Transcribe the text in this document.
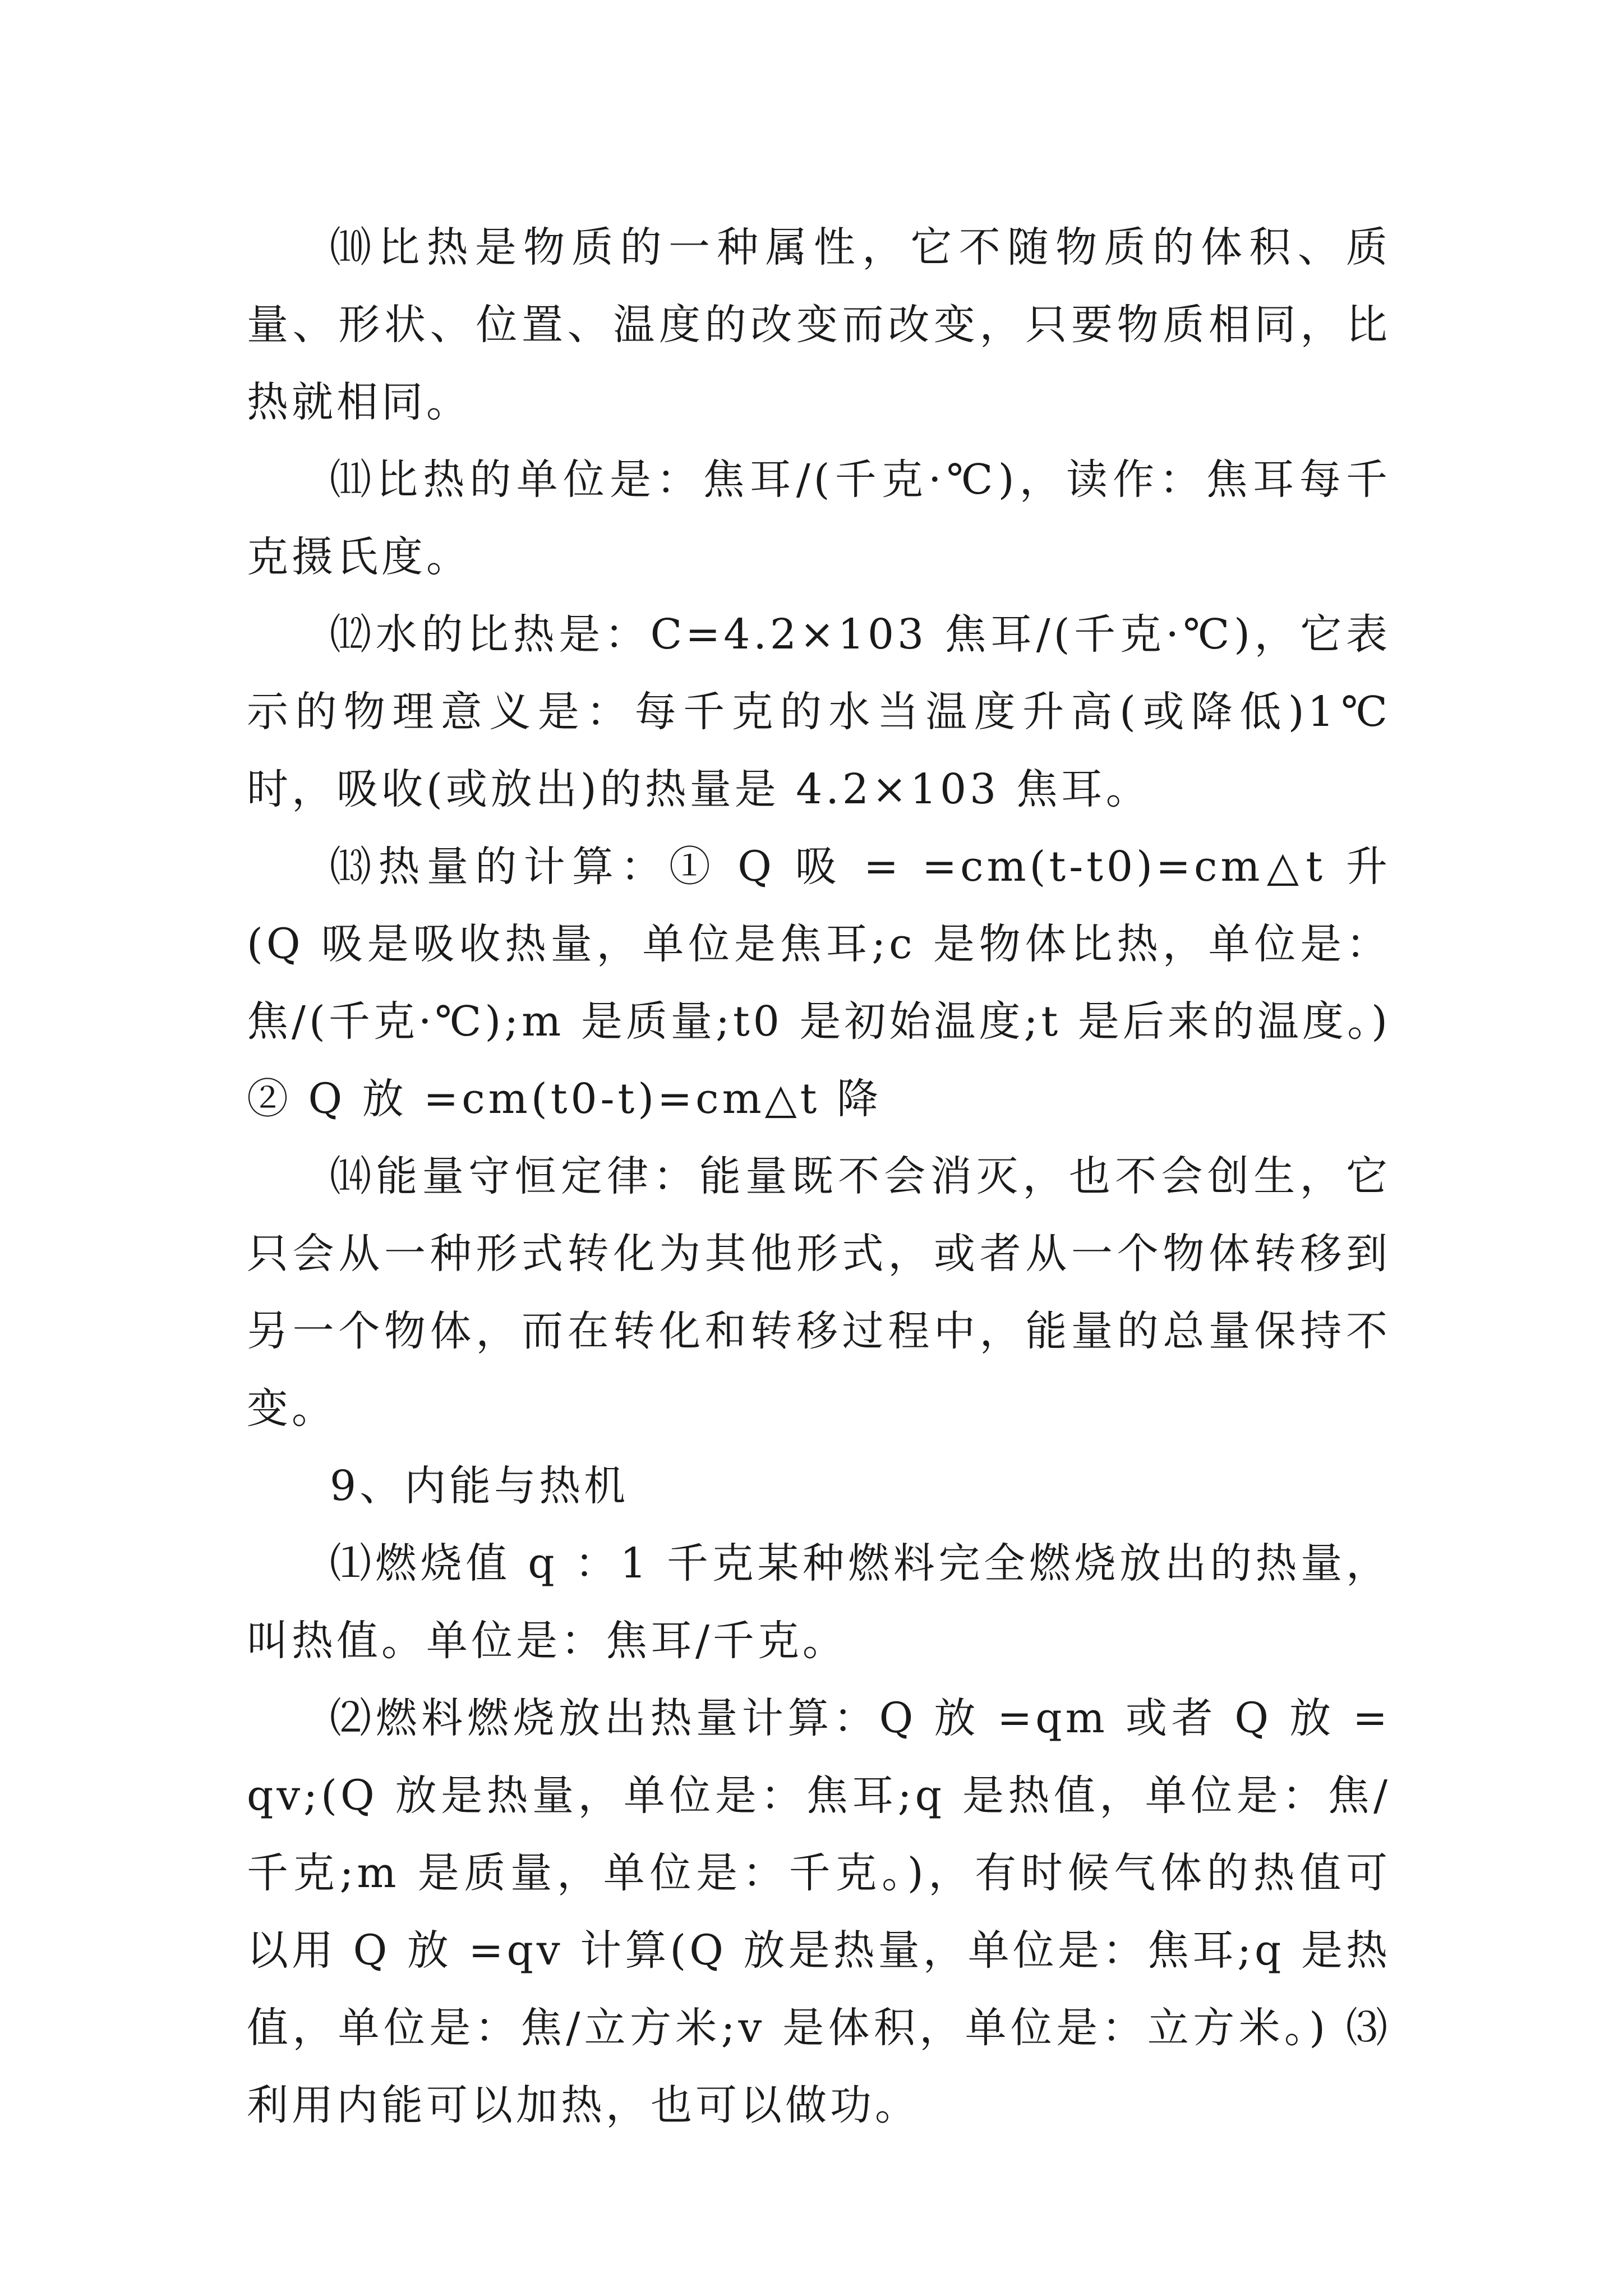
⑽比热是物质的一种属性，它不随物质的体积、质量、形状、位置、温度的改变而改变，只要物质相同，比热就相同。

⑾比热的单位是：焦耳/(千克·℃)，读作：焦耳每千克摄氏度。

⑿水的比热是：C=4.2×103 焦耳/(千克·℃)，它表示的物理意义是：每千克的水当温度升高(或降低)1℃时，吸收(或放出)的热量是 4.2×103 焦耳。

⒀热量的计算：① Q 吸 = =cm(t-t0)=cm△t 升 (Q 吸是吸收热量，单位是焦耳;c 是物体比热，单位是：焦/(千克·℃);m 是质量;t0 是初始温度;t 是后来的温度。)② Q 放 =cm(t0-t)=cm△t 降

⒁能量守恒定律：能量既不会消灭，也不会创生，它只会从一种形式转化为其他形式，或者从一个物体转移到另一个物体，而在转化和转移过程中，能量的总量保持不变。

9、内能与热机

⑴燃烧值 q ：1 千克某种燃料完全燃烧放出的热量，叫热值。单位是：焦耳/千克。

⑵燃料燃烧放出热量计算：Q 放 =qm 或者 Q 放 =qv;(Q 放是热量，单位是：焦耳;q 是热值，单位是：焦/千克;m 是质量，单位是：千克。)，有时候气体的热值可以用 Q 放 =qv 计算(Q 放是热量，单位是：焦耳;q 是热值，单位是：焦/立方米;v 是体积，单位是：立方米。) ⑶利用内能可以加热，也可以做功。
